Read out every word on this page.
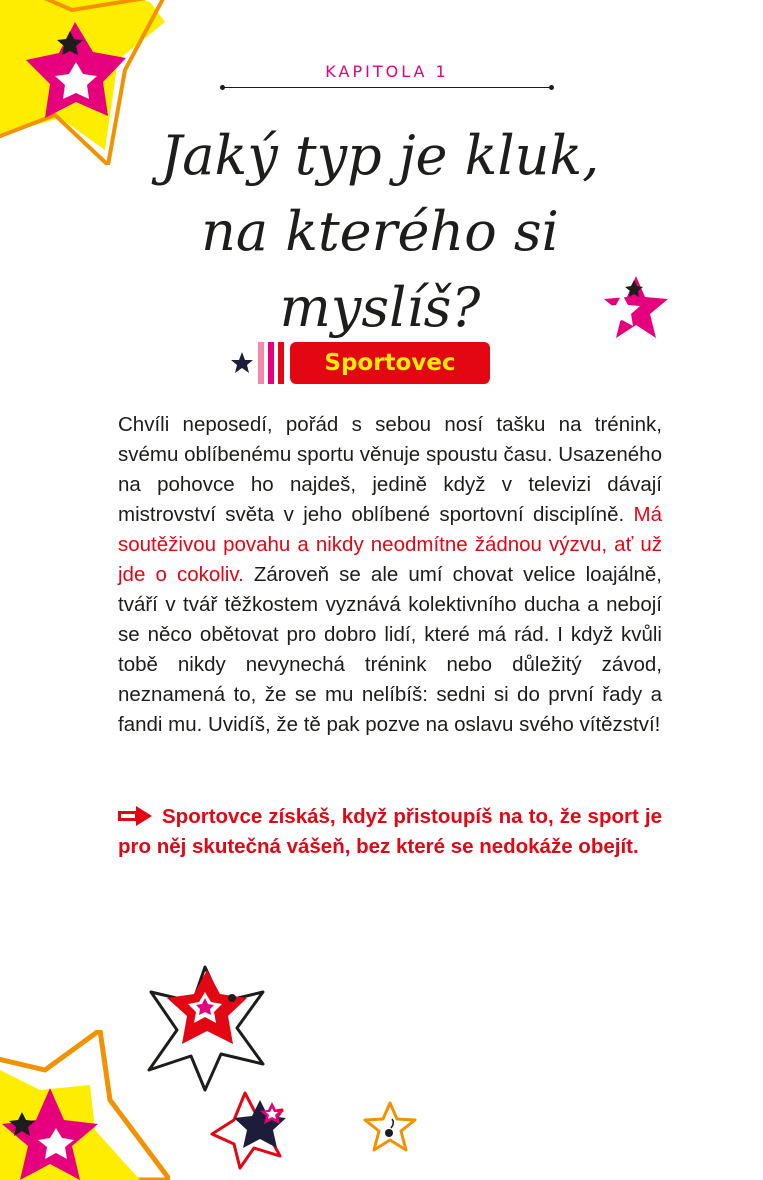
KAPITOLA 1
Jaký typ je kluk,
na kterého si myslíš?
Sportovec

Chvíli neposedí, pořád s sebou nosí tašku na trénink, svému oblíbenému sportu věnuje spoustu času. Usazeného na pohovce ho najdeš, jedině když v televizi dávají mistrovství světa v jeho oblíbené sportovní disciplíně. Má soutěživou povahu a nikdy neodmítne žádnou výzvu, ať už jde o cokoliv. Zároveň se ale umí chovat velice loajálně, tváří v tvář těžkostem vyznává kolektivního ducha a nebojí se něco obětovat pro dobro lidí, které má rád. I když kvůli tobě nikdy nevynechá trénink nebo důležitý závod, neznamená to, že se mu nelíbíš: sedni si do první řady a fandi mu. Uvidíš, že tě pak pozve na oslavu svého vítězství!

Sportovce získáš, když přistoupíš na to, že sport je pro něj skutečná vášeň, bez které se nedokáže obejít.
